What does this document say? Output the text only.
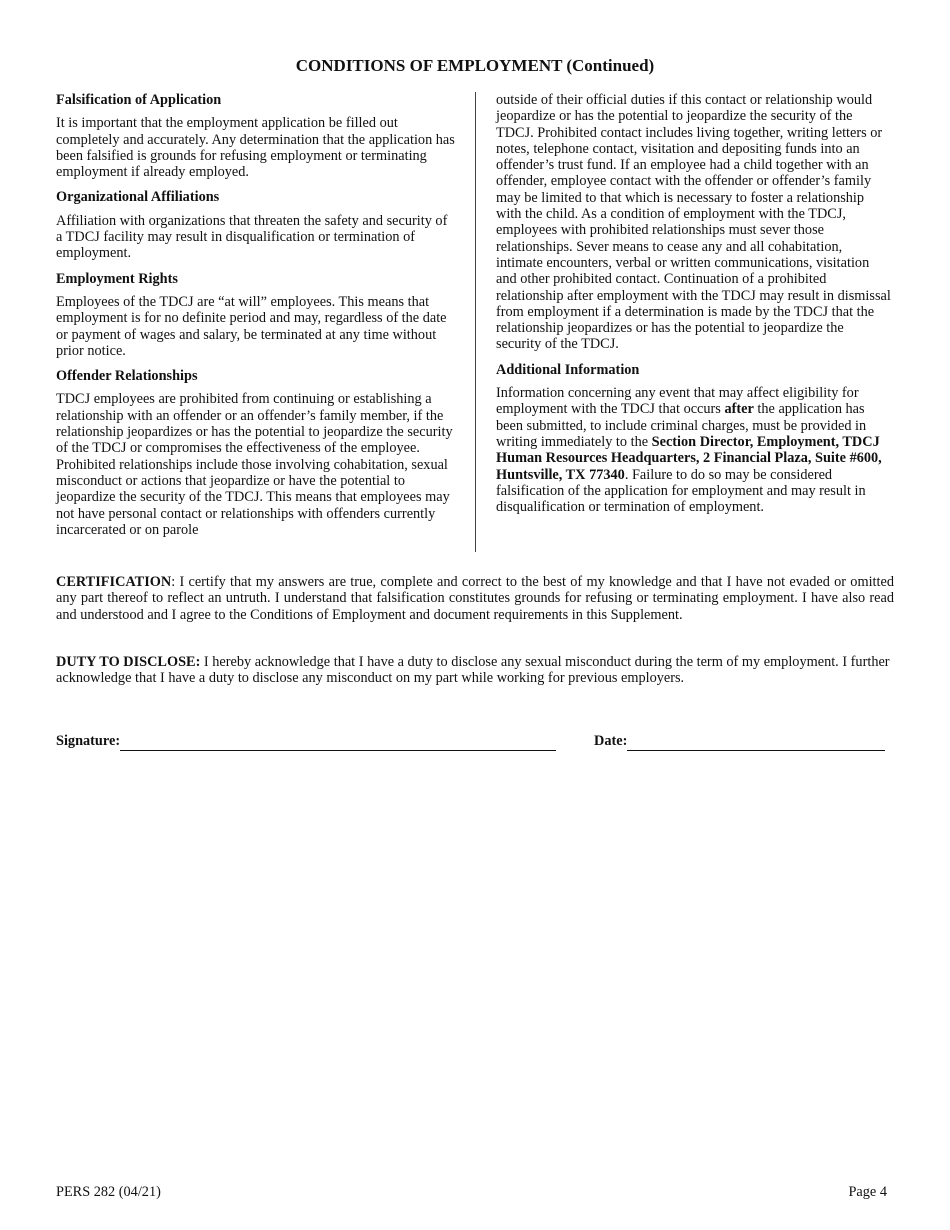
CONDITIONS OF EMPLOYMENT (Continued)

Falsification of Application

It is important that the employment application be filled out completely and accurately. Any determination that the application has been falsified is grounds for refusing employment or terminating employment if already employed.

Organizational Affiliations

Affiliation with organizations that threaten the safety and security of a TDCJ facility may result in disqualification or termination of employment.

Employment Rights

Employees of the TDCJ are “at will” employees. This means that employment is for no definite period and may, regardless of the date or payment of wages and salary, be terminated at any time without prior notice.

Offender Relationships

TDCJ employees are prohibited from continuing or establishing a relationship with an offender or an offender’s family member, if the relationship jeopardizes or has the potential to jeopardize the security of the TDCJ or compromises the effectiveness of the employee. Prohibited relationships include those involving cohabitation, sexual misconduct or actions that jeopardize or have the potential to jeopardize the security of the TDCJ. This means that employees may not have personal contact or relationships with offenders currently incarcerated or on parole

outside of their official duties if this contact or relationship would jeopardize or has the potential to jeopardize the security of the TDCJ. Prohibited contact includes living together, writing letters or notes, telephone contact, visitation and depositing funds into an offender’s trust fund. If an employee had a child together with an offender, employee contact with the offender or offender’s family may be limited to that which is necessary to foster a relationship with the child. As a condition of employment with the TDCJ, employees with prohibited relationships must sever those relationships. Sever means to cease any and all cohabitation, intimate encounters, verbal or written communications, visitation and other prohibited contact. Continuation of a prohibited relationship after employment with the TDCJ may result in dismissal from employment if a determination is made by the TDCJ that the relationship jeopardizes or has the potential to jeopardize the security of the TDCJ.

Additional Information

Information concerning any event that may affect eligibility for employment with the TDCJ that occurs after the application has been submitted, to include criminal charges, must be provided in writing immediately to the Section Director, Employment, TDCJ Human Resources Headquarters, 2 Financial Plaza, Suite #600, Huntsville, TX 77340. Failure to do so may be considered falsification of the application for employment and may result in disqualification or termination of employment.

CERTIFICATION: I certify that my answers are true, complete and correct to the best of my knowledge and that I have not evaded or omitted any part thereof to reflect an untruth. I understand that falsification constitutes grounds for refusing or terminating employment. I have also read and understood and I agree to the Conditions of Employment and document requirements in this Supplement.

DUTY TO DISCLOSE: I hereby acknowledge that I have a duty to disclose any sexual misconduct during the term of my employment. I further acknowledge that I have a duty to disclose any misconduct on my part while working for previous employers.

Signature:	Date:

PERS 282 (04/21)	Page 4
